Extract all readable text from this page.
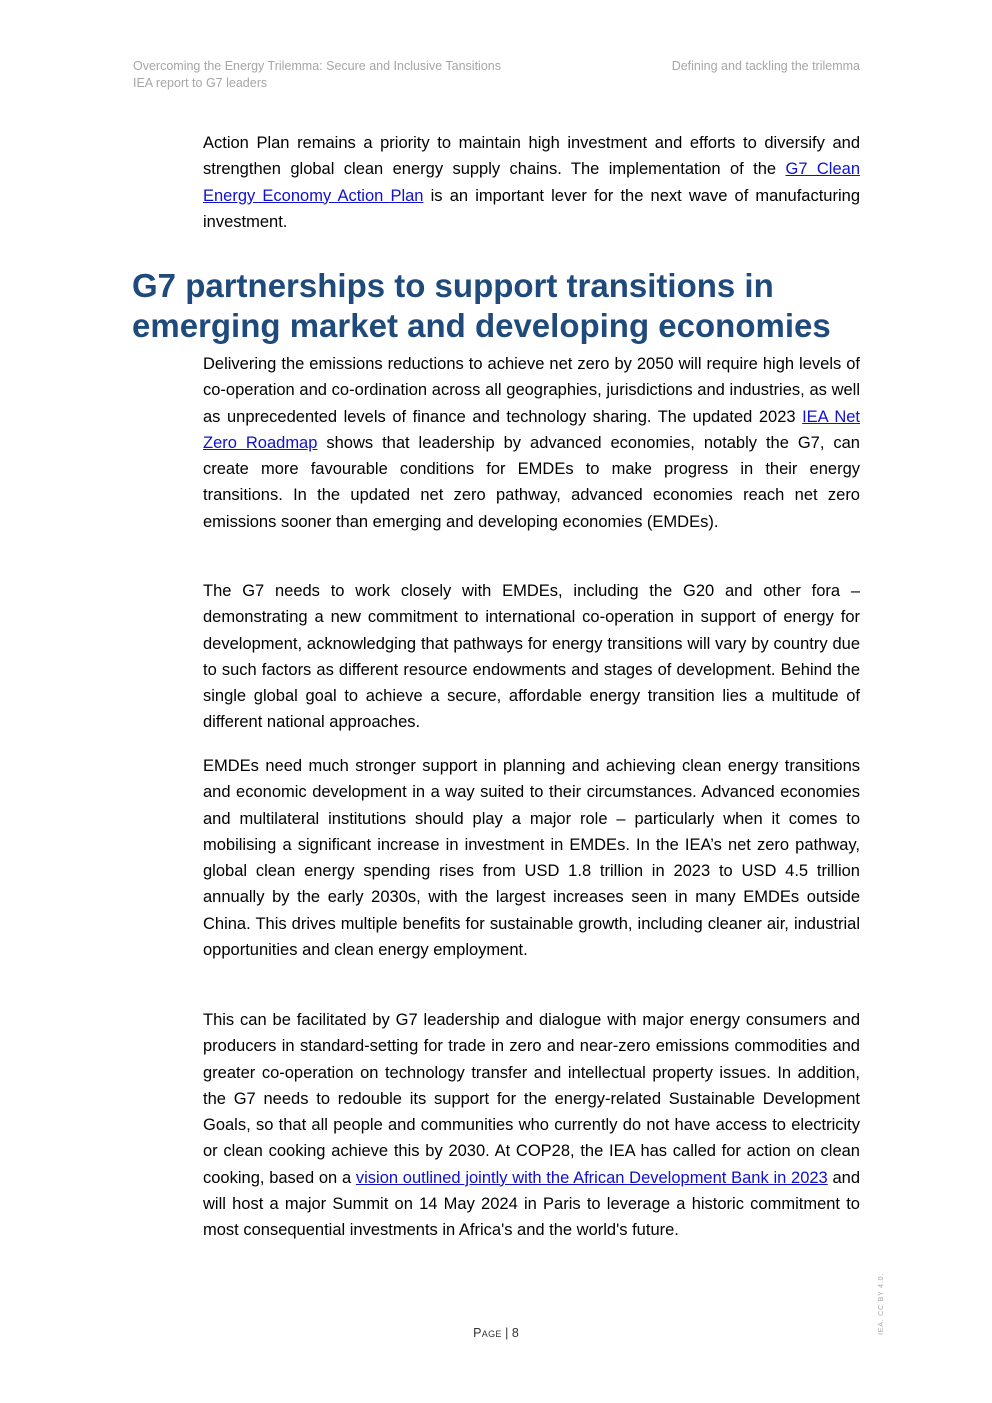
Overcoming the Energy Trilemma: Secure and Inclusive Tansitions
IEA report to G7 leaders
Defining and tackling the trilemma

Action Plan remains a priority to maintain high investment and efforts to diversify and strengthen global clean energy supply chains. The implementation of the G7 Clean Energy Economy Action Plan is an important lever for the next wave of manufacturing investment.

G7 partnerships to support transitions in emerging market and developing economies

Delivering the emissions reductions to achieve net zero by 2050 will require high levels of co-operation and co-ordination across all geographies, jurisdictions and industries, as well as unprecedented levels of finance and technology sharing. The updated 2023 IEA Net Zero Roadmap shows that leadership by advanced economies, notably the G7, can create more favourable conditions for EMDEs to make progress in their energy transitions. In the updated net zero pathway, advanced economies reach net zero emissions sooner than emerging and developing economies (EMDEs).

The G7 needs to work closely with EMDEs, including the G20 and other fora – demonstrating a new commitment to international co-operation in support of energy for development, acknowledging that pathways for energy transitions will vary by country due to such factors as different resource endowments and stages of development. Behind the single global goal to achieve a secure, affordable energy transition lies a multitude of different national approaches.

EMDEs need much stronger support in planning and achieving clean energy transitions and economic development in a way suited to their circumstances. Advanced economies and multilateral institutions should play a major role – particularly when it comes to mobilising a significant increase in investment in EMDEs. In the IEA’s net zero pathway, global clean energy spending rises from USD 1.8 trillion in 2023 to USD 4.5 trillion annually by the early 2030s, with the largest increases seen in many EMDEs outside China. This drives multiple benefits for sustainable growth, including cleaner air, industrial opportunities and clean energy employment.

This can be facilitated by G7 leadership and dialogue with major energy consumers and producers in standard-setting for trade in zero and near-zero emissions commodities and greater co-operation on technology transfer and intellectual property issues. In addition, the G7 needs to redouble its support for the energy-related Sustainable Development Goals, so that all people and communities who currently do not have access to electricity or clean cooking achieve this by 2030. At COP28, the IEA has called for action on clean cooking, based on a vision outlined jointly with the African Development Bank in 2023 and will host a major Summit on 14 May 2024 in Paris to leverage a historic commitment to most consequential investments in Africa's and the world's future.

Page | 8	IEA. CC BY 4.0.
